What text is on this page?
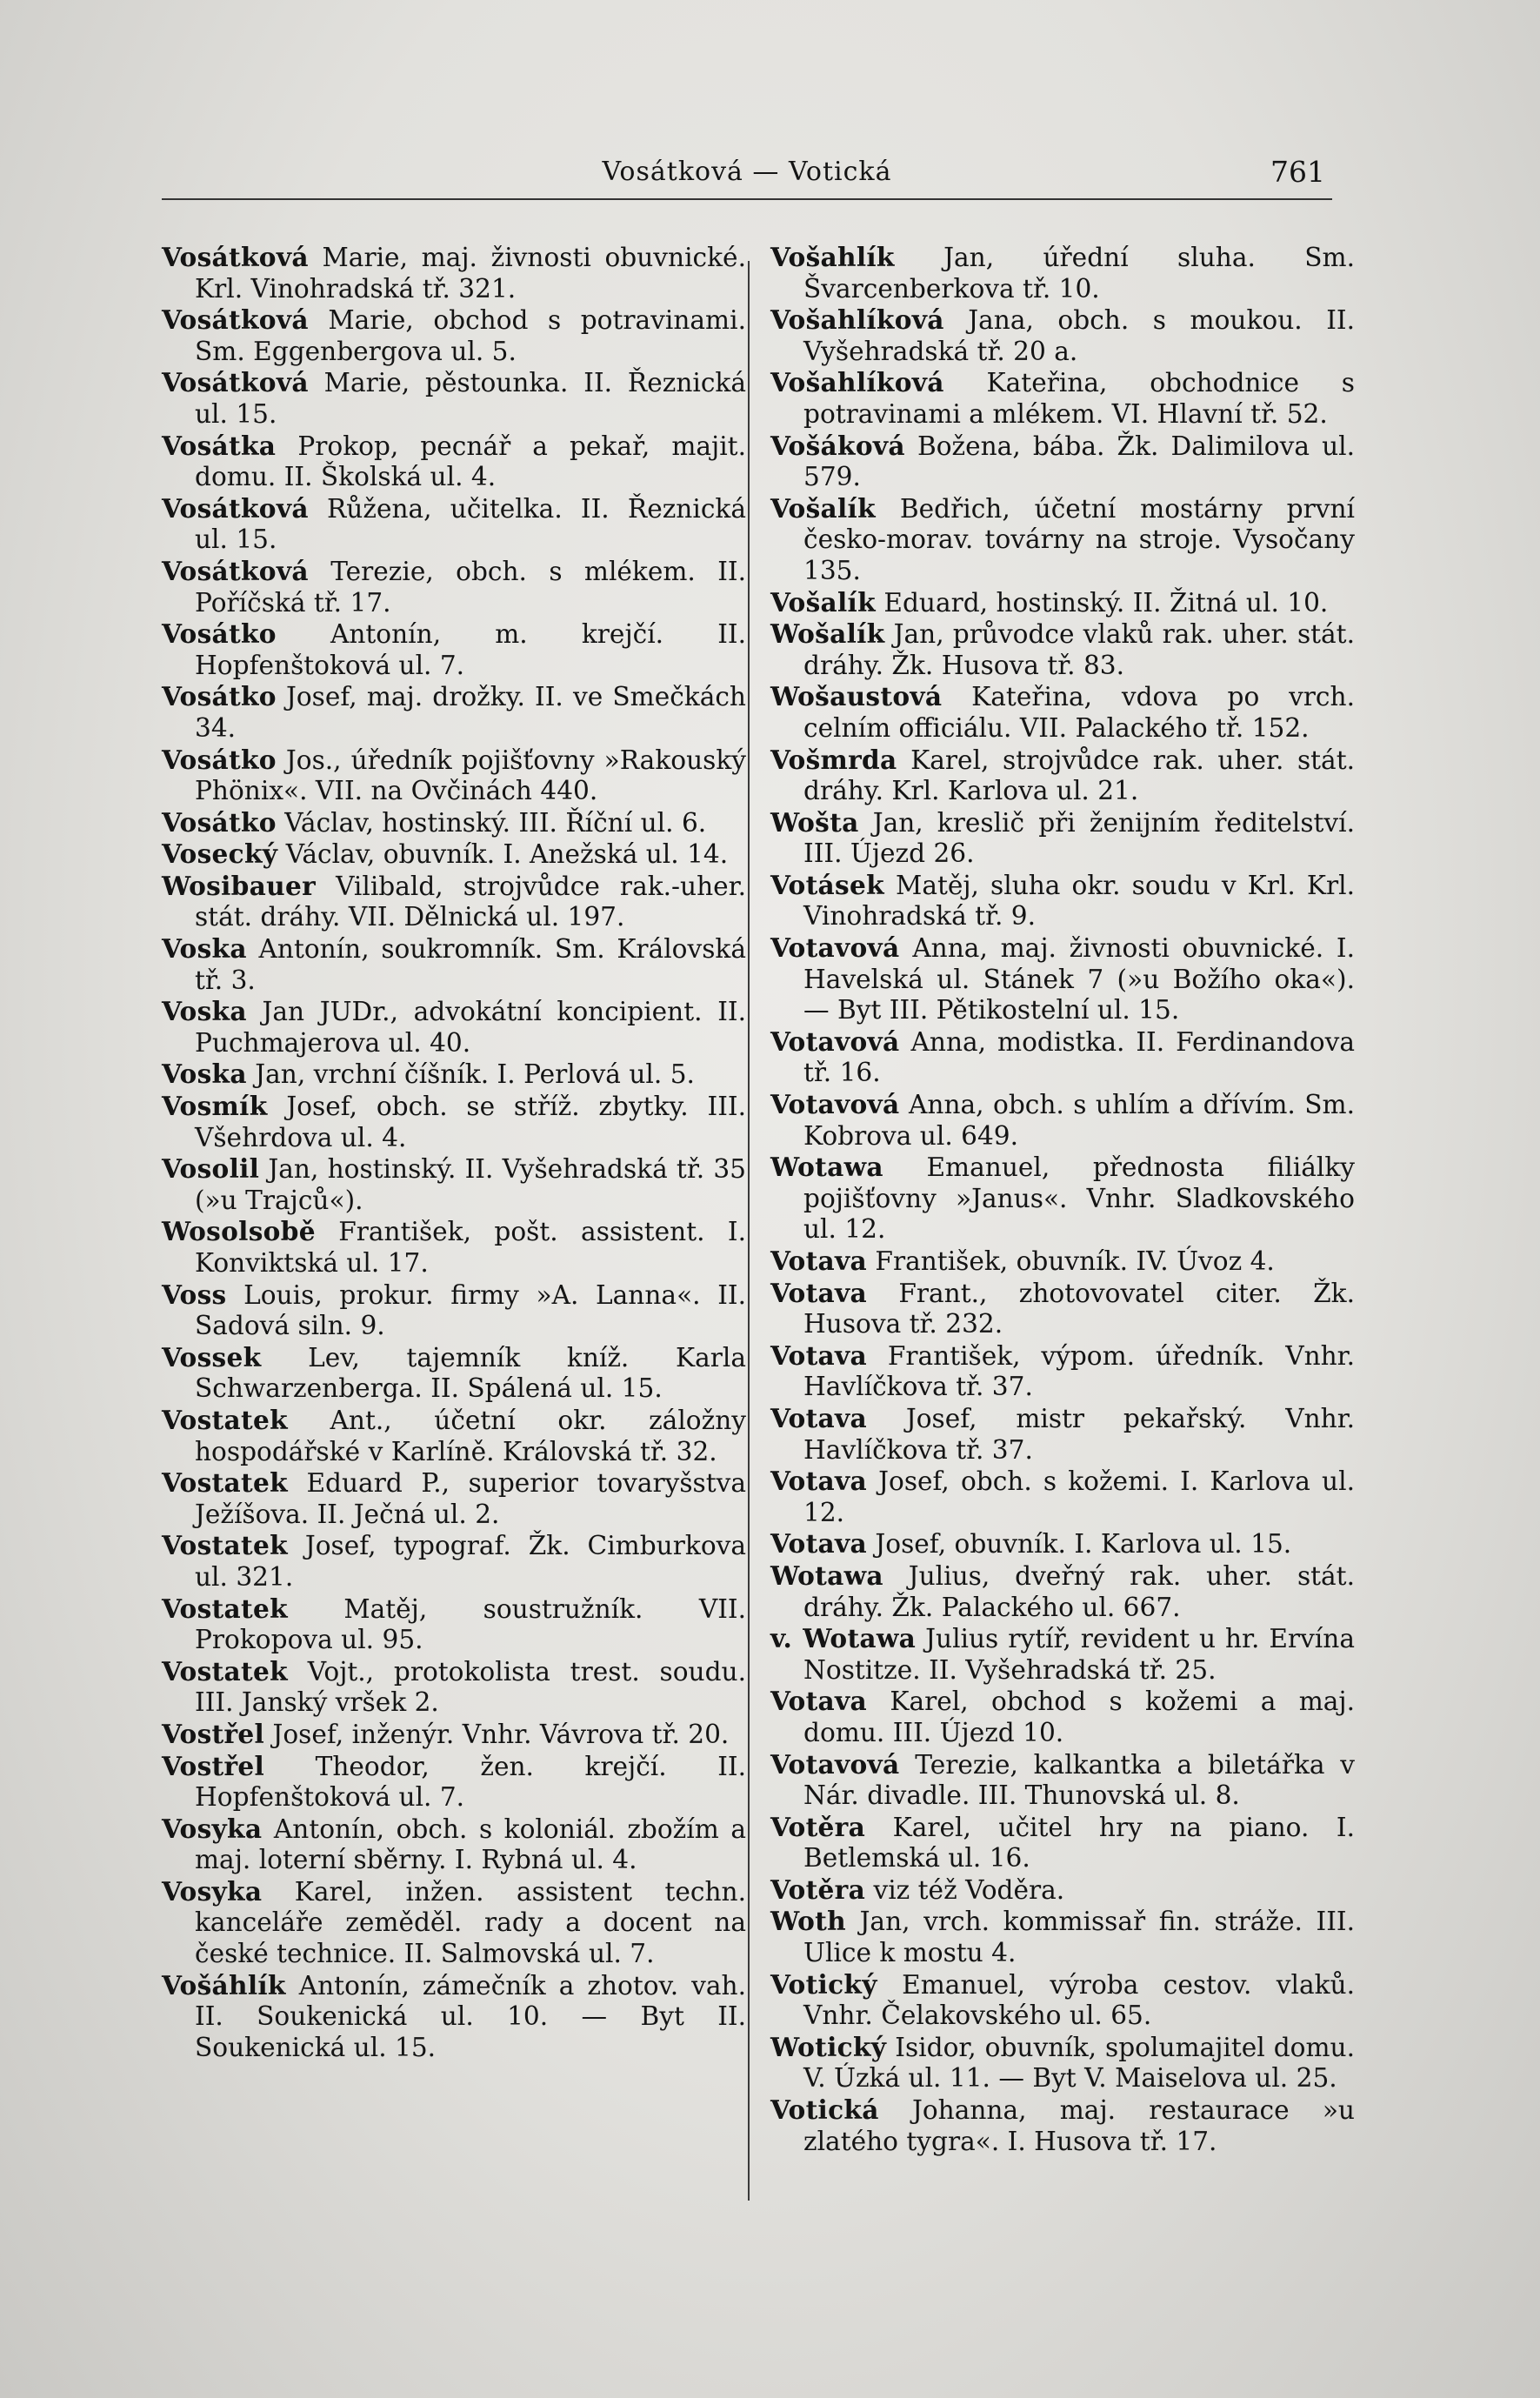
Vosátková — Votická	761

Vosátková Marie, maj. živnosti obuvnické. Krl. Vinohradská tř. 321.

Vosátková Marie, obchod s potravinami. Sm. Eggenbergova ul. 5.

Vosátková Marie, pěstounka. II. Řeznická ul. 15.

Vosátka Prokop, pecnář a pekař, majit. domu. II. Školská ul. 4.

Vosátková Růžena, učitelka. II. Řeznická ul. 15.

Vosátková Terezie, obch. s mlékem. II. Poříčská tř. 17.

Vosátko Antonín, m. krejčí. II. Hopfenštoková ul. 7.

Vosátko Josef, maj. drožky. II. ve Smečkách 34.

Vosátko Jos., úředník pojišťovny »Rakouský Phönix«. VII. na Ovčinách 440.

Vosátko Václav, hostinský. III. Říční ul. 6.

Vosecký Václav, obuvník. I. Anežská ul. 14.

Wosibauer Vilibald, strojvůdce rak.-uher. stát. dráhy. VII. Dělnická ul. 197.

Voska Antonín, soukromník. Sm. Královská tř. 3.

Voska Jan JUDr., advokátní koncipient. II. Puchmajerova ul. 40.

Voska Jan, vrchní číšník. I. Perlová ul. 5.

Vosmík Josef, obch. se stříž. zbytky. III. Všehrdova ul. 4.

Vosolil Jan, hostinský. II. Vyšehradská tř. 35 (»u Trajců«).

Wosolsobě František, pošt. assistent. I. Konviktská ul. 17.

Voss Louis, prokur. firmy »A. Lanna«. II. Sadová siln. 9.

Vossek Lev, tajemník kníž. Karla Schwarzenberga. II. Spálená ul. 15.

Vostatek Ant., účetní okr. záložny hospodářské v Karlíně. Královská tř. 32.

Vostatek Eduard P., superior tovaryšstva Ježíšova. II. Ječná ul. 2.

Vostatek Josef, typograf. Žk. Cimburkova ul. 321.

Vostatek Matěj, soustružník. VII. Prokopova ul. 95.

Vostatek Vojt., protokolista trest. soudu. III. Janský vršek 2.

Vostřel Josef, inženýr. Vnhr. Vávrova tř. 20.

Vostřel Theodor, žen. krejčí. II. Hopfenštoková ul. 7.

Vosyka Antonín, obch. s koloniál. zbožím a maj. loterní sběrny. I. Rybná ul. 4.

Vosyka Karel, inžen. assistent techn. kanceláře zeměděl. rady a docent na české technice. II. Salmovská ul. 7.

Vošáhlík Antonín, zámečník a zhotov. vah. II. Soukenická ul. 10. — Byt II. Soukenická ul. 15.

Vošahlík Jan, úřední sluha. Sm. Švarcenberkova tř. 10.

Vošahlíková Jana, obch. s moukou. II. Vyšehradská tř. 20 a.

Vošahlíková Kateřina, obchodnice s potravinami a mlékem. VI. Hlavní tř. 52.

Vošáková Božena, bába. Žk. Dalimilova ul. 579.

Vošalík Bedřich, účetní mostárny první česko-morav. továrny na stroje. Vysočany 135.

Vošalík Eduard, hostinský. II. Žitná ul. 10.

Wošalík Jan, průvodce vlaků rak. uher. stát. dráhy. Žk. Husova tř. 83.

Wošaustová Kateřina, vdova po vrch. celním officiálu. VII. Palackého tř. 152.

Vošmrda Karel, strojvůdce rak. uher. stát. dráhy. Krl. Karlova ul. 21.

Wošta Jan, kreslič při ženijním ředitelství. III. Újezd 26.

Votásek Matěj, sluha okr. soudu v Krl. Krl. Vinohradská tř. 9.

Votavová Anna, maj. živnosti obuvnické. I. Havelská ul. Stánek 7 (»u Božího oka«). — Byt III. Pětikostelní ul. 15.

Votavová Anna, modistka. II. Ferdinandova tř. 16.

Votavová Anna, obch. s uhlím a dřívím. Sm. Kobrova ul. 649.

Wotawa Emanuel, přednosta filiálky pojišťovny »Janus«. Vnhr. Sladkovského ul. 12.

Votava František, obuvník. IV. Úvoz 4.

Votava Frant., zhotovovatel citer. Žk. Husova tř. 232.

Votava František, výpom. úředník. Vnhr. Havlíčkova tř. 37.

Votava Josef, mistr pekařský. Vnhr. Havlíčkova tř. 37.

Votava Josef, obch. s kožemi. I. Karlova ul. 12.

Votava Josef, obuvník. I. Karlova ul. 15.

Wotawa Julius, dveřný rak. uher. stát. dráhy. Žk. Palackého ul. 667.

v. Wotawa Julius rytíř, revident u hr. Ervína Nostitze. II. Vyšehradská tř. 25.

Votava Karel, obchod s kožemi a maj. domu. III. Újezd 10.

Votavová Terezie, kalkantka a biletářka v Nár. divadle. III. Thunovská ul. 8.

Votěra Karel, učitel hry na piano. I. Betlemská ul. 16.

Votěra viz též Voděra.

Woth Jan, vrch. kommissař fin. stráže. III. Ulice k mostu 4.

Votický Emanuel, výroba cestov. vlaků. Vnhr. Čelakovského ul. 65.

Wotický Isidor, obuvník, spolumajitel domu. V. Úzká ul. 11. — Byt V. Maiselova ul. 25.

Votická Johanna, maj. restaurace »u zlatého tygra«. I. Husova tř. 17.
